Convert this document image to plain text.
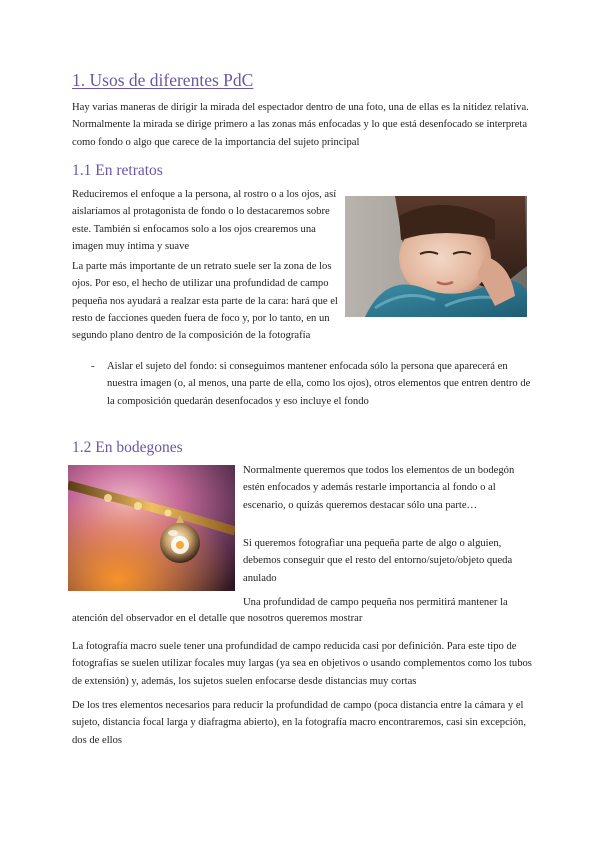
1. Usos de diferentes PdC

Hay varias maneras de dirigir la mirada del espectador dentro de una foto, una de ellas es la nitidez relativa. Normalmente la mirada se dirige primero a las zonas más enfocadas y lo que está desenfocado se interpreta como fondo o algo que carece de la importancia del sujeto principal

1.1 En retratos

Reduciremos el enfoque a la persona, al rostro o a los ojos, así aislaríamos al protagonista de fondo o lo destacaremos sobre este. También si enfocamos solo a los ojos crearemos una imagen muy íntima y suave

La parte más importante de un retrato suele ser la zona de los ojos. Por eso, el hecho de utilizar una profundidad de campo pequeña nos ayudará a realzar esta parte de la cara: hará que el resto de facciones queden fuera de foco y, por lo tanto, en un segundo plano dentro de la composición de la fotografía

- Aislar el sujeto del fondo: si conseguimos mantener enfocada sólo la persona que aparecerá en nuestra imagen (o, al menos, una parte de ella, como los ojos), otros elementos que entren dentro de la composición quedarán desenfocados y eso incluye el fondo

1.2 En bodegones

Normalmente queremos que todos los elementos de un bodegón estén enfocados y además restarle importancia al fondo o al escenario, o quizás queremos destacar sólo una parte…

Si queremos fotografiar una pequeña parte de algo o alguien, debemos conseguir que el resto del entorno/sujeto/objeto queda anulado

Una profundidad de campo pequeña nos permitirá mantener la

atención del observador en el detalle que nosotros queremos mostrar

La fotografía macro suele tener una profundidad de campo reducida casi por definición. Para este tipo de fotografías se suelen utilizar focales muy largas (ya sea en objetivos o usando complementos como los tubos de extensión) y, además, los sujetos suelen enfocarse desde distancias muy cortas

De los tres elementos necesarios para reducir la profundidad de campo (poca distancia entre la cámara y el sujeto, distancia focal larga y diafragma abierto), en la fotografía macro encontraremos, casi sin excepción, dos de ellos
